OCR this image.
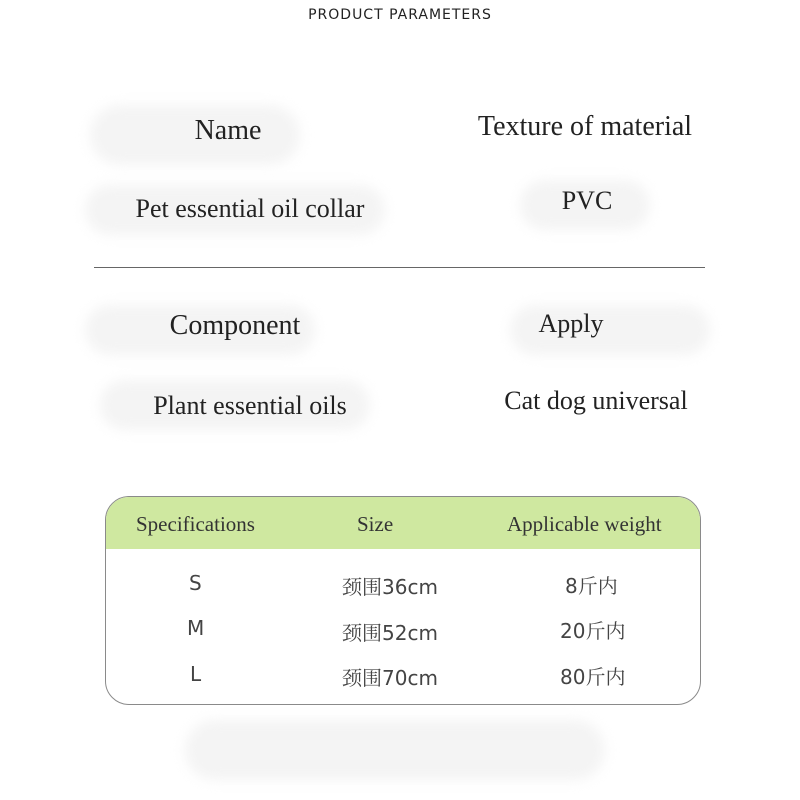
PRODUCT PARAMETERS
Name	Texture of material
Pet essential oil collar	PVC
Component	Apply
Plant essential oils	Cat dog universal
Specifications	Size	Applicable weight
S	颈围36cm	8斤内
M	颈围52cm	20斤内
L	颈围70cm	80斤内
